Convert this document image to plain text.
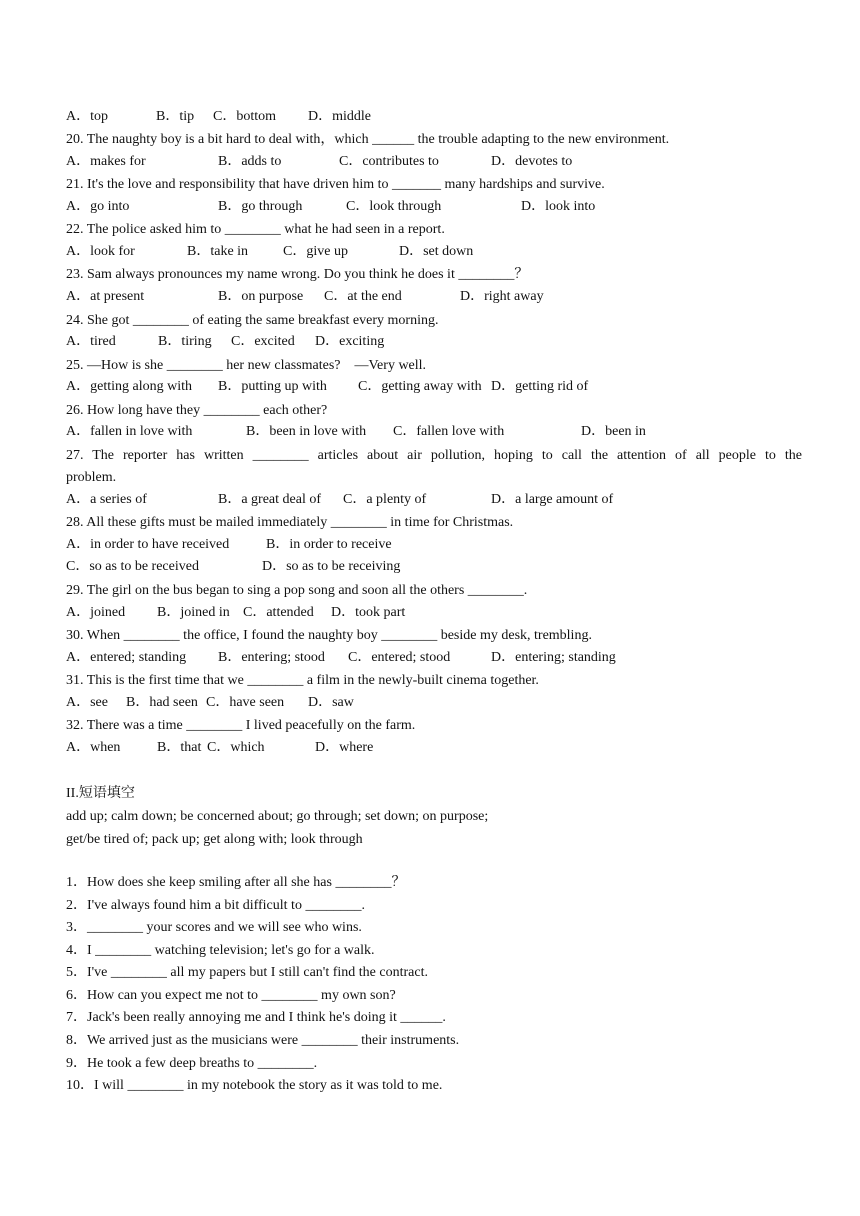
A．top	B．tip C．bottom D．middle
20. The naughty boy is a bit hard to deal with，which ______ the trouble adapting to the new environment.
A．makes for	B．adds to	C．contributes to	D．devotes to
21. It's the love and responsibility that have driven him to _______ many hardships and survive.
A．go into	B．go through	C．look through	D．look into
22. The police asked him to ________ what he had seen in a report.
A．look for	B．take in C．give up	D．set down
23. Sam always pronounces my name wrong. Do you think he does it ________？
A．at present	B．on purpose C．at the end	D．right away
24. She got ________ of eating the same breakfast every morning.
A．tired	B．tiring C．excited D．exciting
25. —How is she ________ her new classmates?　—Very well.
A．getting along with B．putting up with C．getting away with D．getting rid of
26. How long have they ________ each other?
A．fallen in love with	B．been in love with C．fallen love with	D．been in
27. The reporter has written ________ articles about air pollution, hoping to call the attention of all people to the
problem.
A．a series of	B．a great deal of C．a plenty of	D．a large amount of
28. All these gifts must be mailed immediately ________ in time for Christmas.
A．in order to have received	B．in order to receive
C．so as to be received	D．so as to be receiving
29. The girl on the bus began to sing a pop song and soon all the others ________.
A．joined B．joined in C．attended D．took part
30. When ________ the office, I found the naughty boy ________ beside my desk, trembling.
A．entered; standing B．entering; stood C．entered; stood	D．entering; standing
31. This is the first time that we ________ a film in the newly-built cinema together.
A．see B．had seen C．have seen D．saw
32. There was a time ________ I lived peacefully on the farm.
A．when	B．that C．which	D．where
II.短语填空
add up; calm down; be concerned about; go through; set down; on purpose;
get/be tired of; pack up; get along with; look through
1．How does she keep smiling after all she has ________？
2．I've always found him a bit difficult to ________.
3．________ your scores and we will see who wins.
4．I ________ watching television; let's go for a walk.
5．I've ________ all my papers but I still can't find the contract.
6．How can you expect me not to ________ my own son?
7．Jack's been really annoying me and I think he's doing it ______.
8．We arrived just as the musicians were ________ their instruments.
9．He took a few deep breaths to ________.
10．I will ________ in my notebook the story as it was told to me.
